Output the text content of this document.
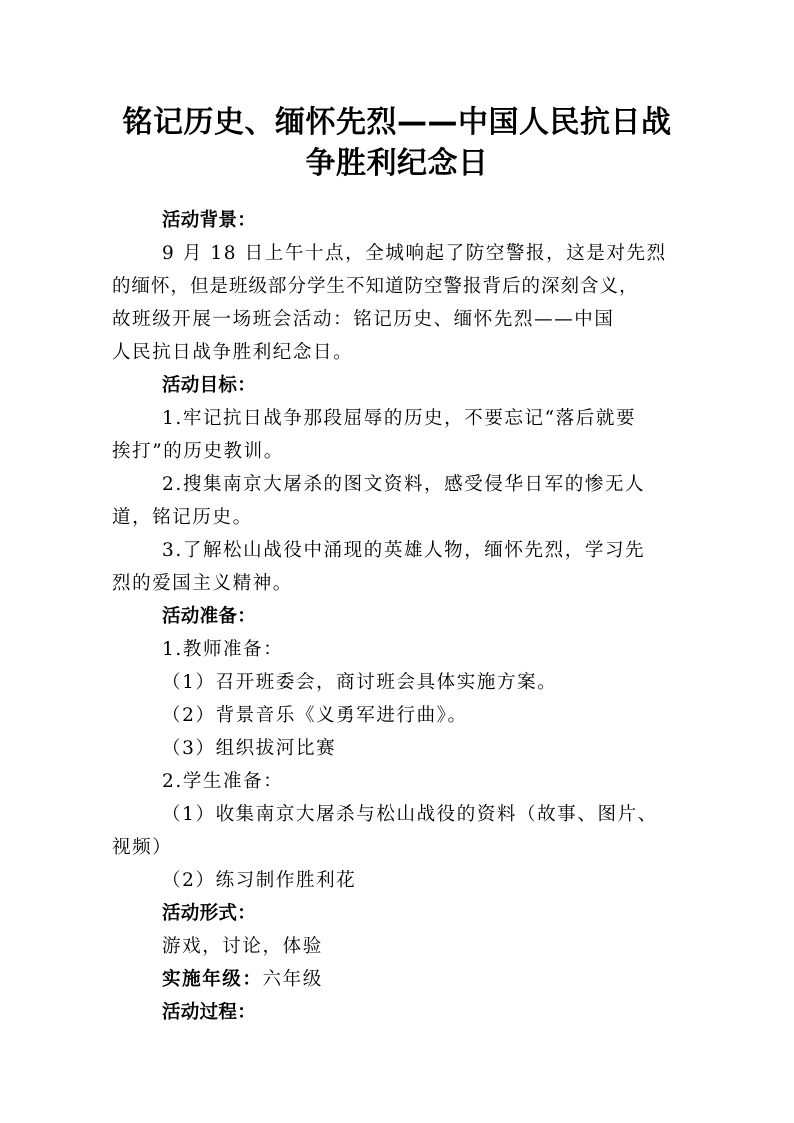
铭记历史、缅怀先烈——中国人民抗日战
争胜利纪念日
活动背景：
9 月 18 日上午十点，全城响起了防空警报，这是对先烈
的缅怀，但是班级部分学生不知道防空警报背后的深刻含义，
故班级开展一场班会活动：铭记历史、缅怀先烈——中国
人民抗日战争胜利纪念日。
活动目标：
1.牢记抗日战争那段屈辱的历史，不要忘记“落后就要
挨打”的历史教训。
2.搜集南京大屠杀的图文资料，感受侵华日军的惨无人
道，铭记历史。
3.了解松山战役中涌现的英雄人物，缅怀先烈，学习先
烈的爱国主义精神。
活动准备：
1.教师准备：
（1）召开班委会，商讨班会具体实施方案。
（2）背景音乐《义勇军进行曲》。
（3）组织拔河比赛
2.学生准备：
（1）收集南京大屠杀与松山战役的资料（故事、图片、
视频）
（2）练习制作胜利花
活动形式：
游戏，讨论，体验
实施年级：六年级
活动过程：
